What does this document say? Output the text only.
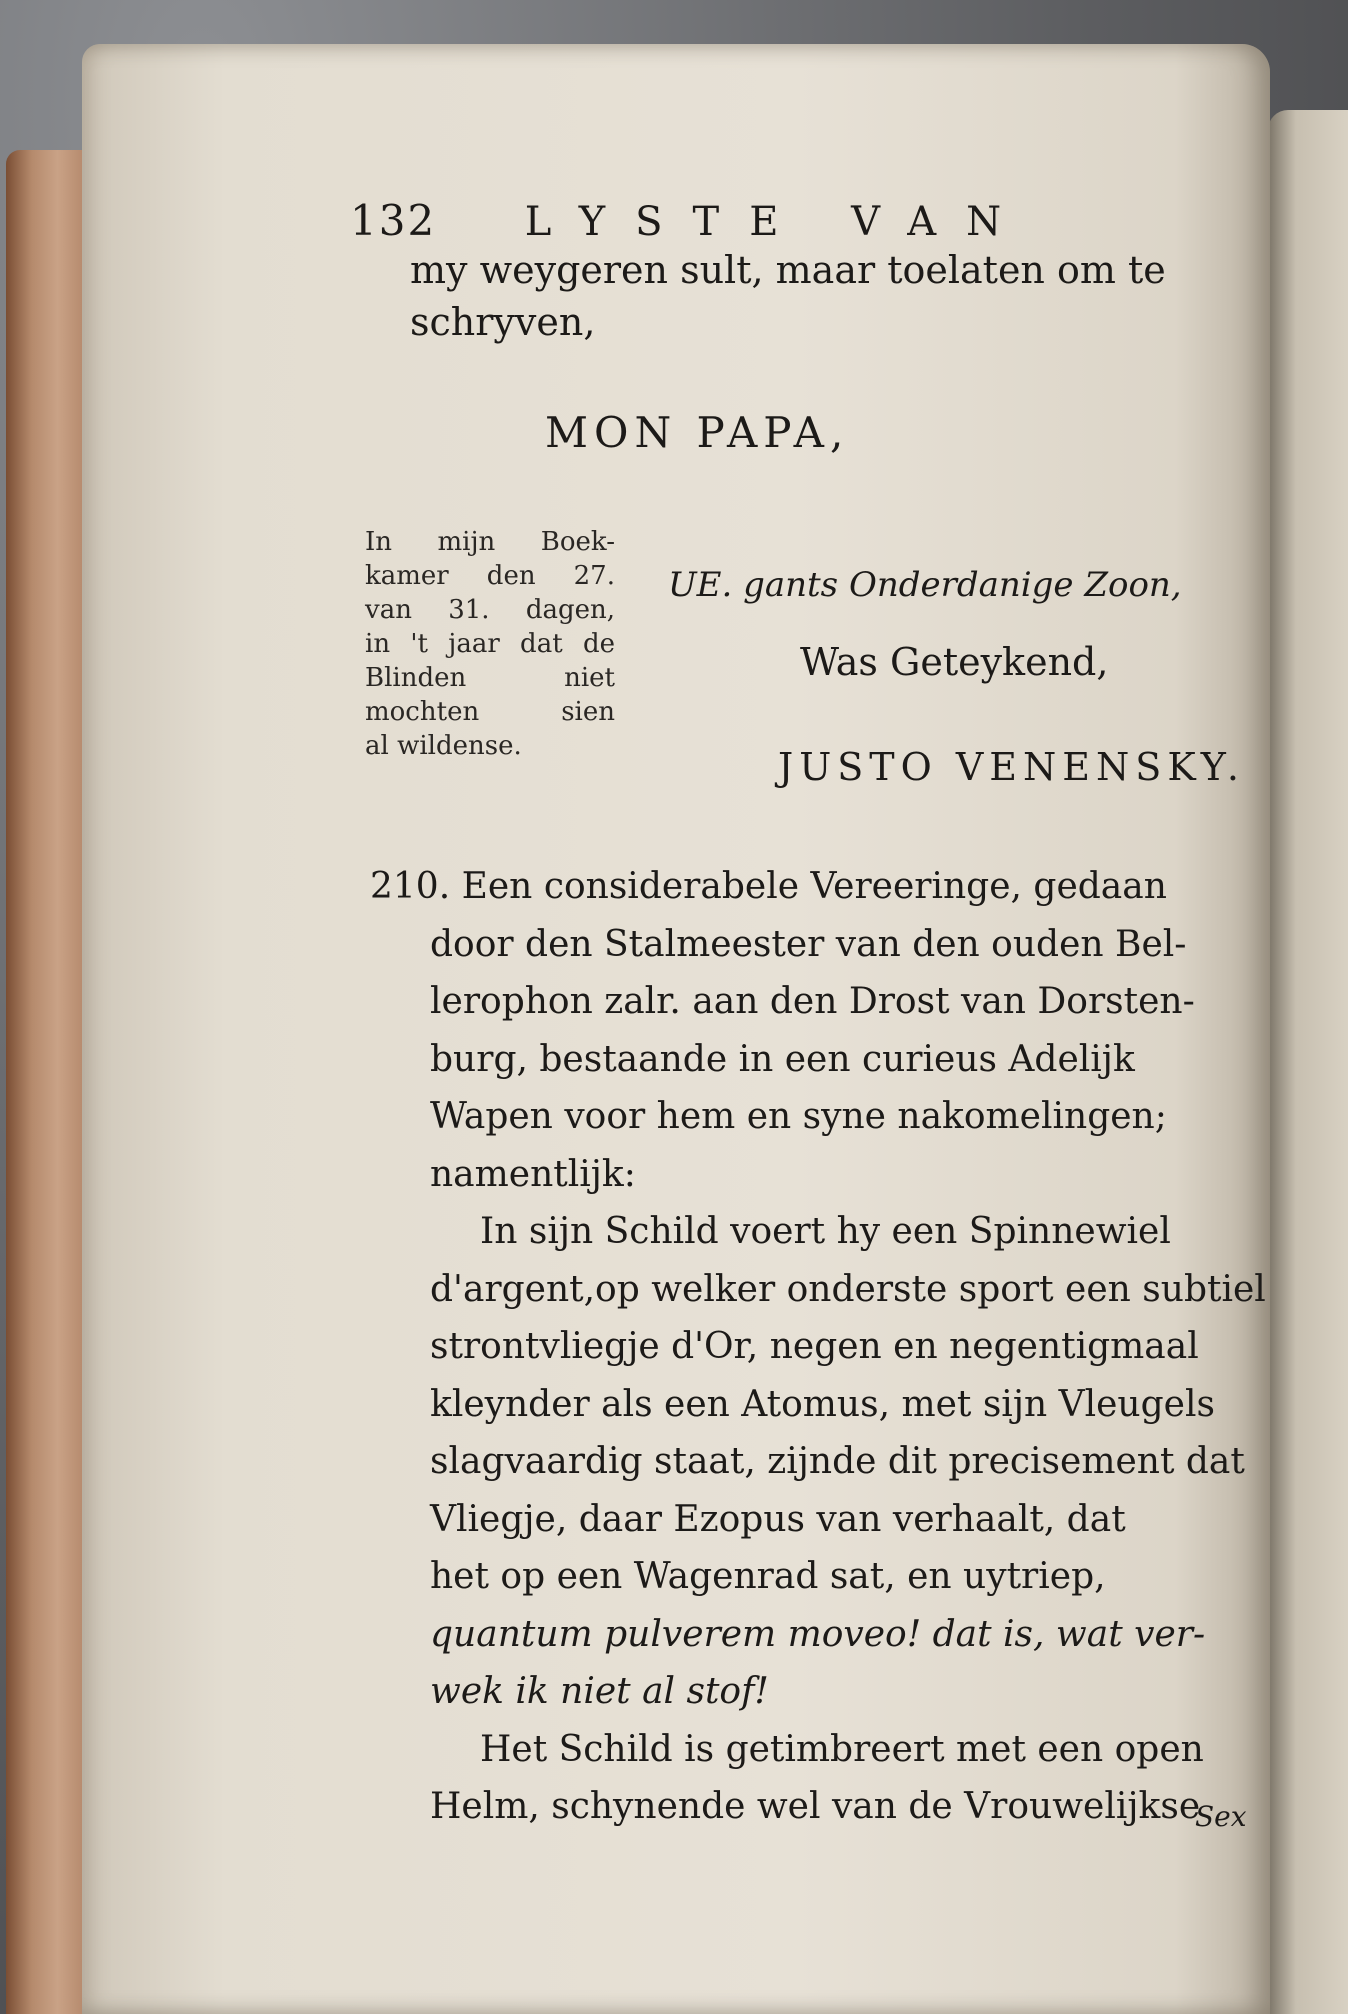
132 LYSTE VAN
my weygeren sult, maar toelaten om te
schryven,
MON PAPA,
In mijn Boek-
kamer den 27.
van 31. dagen,
in 't jaar dat de
Blinden niet
mochten sien
al wildense.
UE. gants Onderdanige Zoon,
Was Geteykend,
JUSTO VENENSKY.
210. Een considerabele Vereeringe, gedaan
door den Stalmeester van den ouden Bel-
lerophon zalr. aan den Drost van Dorsten-
burg, bestaande in een curieus Adelijk
Wapen voor hem en syne nakomelingen;
namentlijk:
In sijn Schild voert hy een Spinnewiel
d'argent,op welker onderste sport een subtiel
strontvliegje d'Or, negen en negentigmaal
kleynder als een Atomus, met sijn Vleugels
slagvaardig staat, zijnde dit precisement dat
Vliegje, daar Ezopus van verhaalt, dat
het op een Wagenrad sat, en uytriep,
quantum pulverem moveo! dat is, wat ver-
wek ik niet al stof!
Het Schild is getimbreert met een open
Helm, schynende wel van de Vrouwelijkse
Sex
